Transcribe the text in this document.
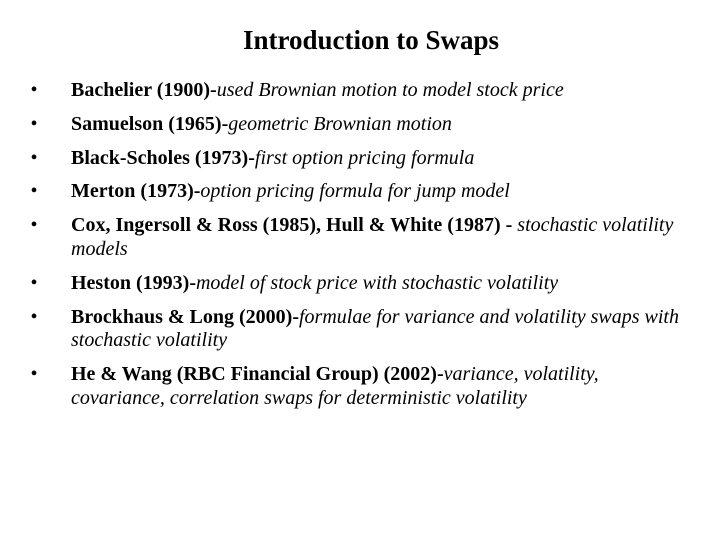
Introduction to Swaps
• Bachelier (1900)-used Brownian motion to model stock price
• Samuelson (1965)-geometric Brownian motion
• Black-Scholes (1973)-first option pricing formula
• Merton (1973)-option pricing formula for jump model
• Cox, Ingersoll & Ross (1985), Hull & White (1987) - stochastic volatility models
• Heston (1993)-model of stock price with stochastic volatility
• Brockhaus & Long (2000)-formulae for variance and volatility swaps with stochastic volatility
• He & Wang (RBC Financial Group) (2002)-variance, volatility, covariance, correlation swaps for deterministic volatility
